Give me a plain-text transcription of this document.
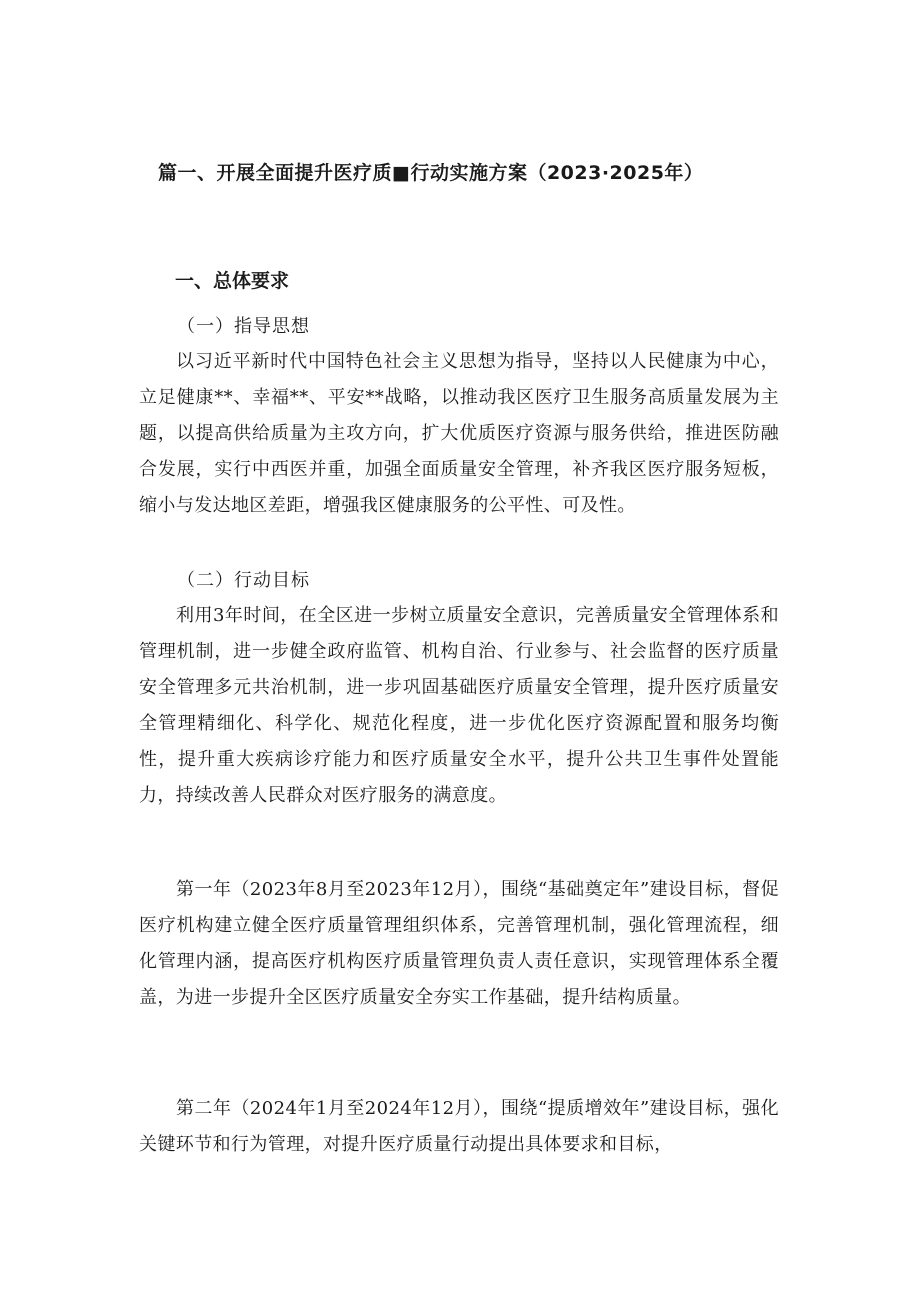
篇一、开展全面提升医疗质■行动实施方案（2023·2025年）
一、总体要求
（一）指导思想

以习近平新时代中国特色社会主义思想为指导，坚持以人民健康为中心，立足健康**、幸福**、平安**战略，以推动我区医疗卫生服务高质量发展为主题，以提高供给质量为主攻方向，扩大优质医疗资源与服务供给，推进医防融合发展，实行中西医并重，加强全面质量安全管理，补齐我区医疗服务短板，缩小与发达地区差距，增强我区健康服务的公平性、可及性。

（二）行动目标

利用3年时间，在全区进一步树立质量安全意识，完善质量安全管理体系和管理机制，进一步健全政府监管、机构自治、行业参与、社会监督的医疗质量安全管理多元共治机制，进一步巩固基础医疗质量安全管理，提升医疗质量安全管理精细化、科学化、规范化程度，进一步优化医疗资源配置和服务均衡性，提升重大疾病诊疗能力和医疗质量安全水平，提升公共卫生事件处置能力，持续改善人民群众对医疗服务的满意度。

第一年（2023年8月至2023年12月），围绕“基础奠定年”建设目标，督促医疗机构建立健全医疗质量管理组织体系，完善管理机制，强化管理流程，细化管理内涵，提高医疗机构医疗质量管理负责人责任意识，实现管理体系全覆盖，为进一步提升全区医疗质量安全夯实工作基础，提升结构质量。

第二年（2024年1月至2024年12月），围绕“提质增效年”建设目标，强化关键环节和行为管理，对提升医疗质量行动提出具体要求和目标，
